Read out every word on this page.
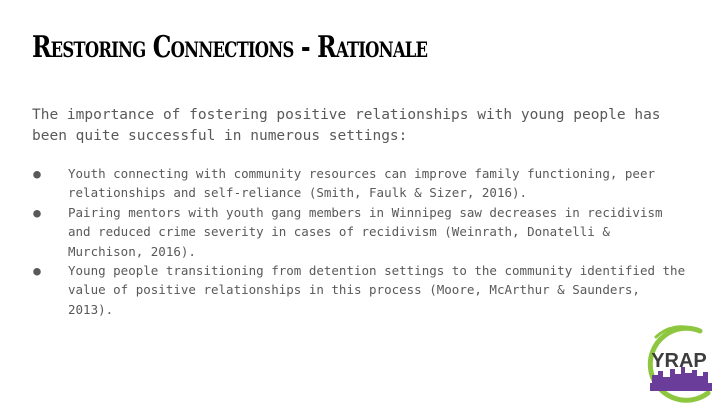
Restoring Connections - Rationale

The importance of fostering positive relationships with young people has been quite successful in numerous settings:

● Youth connecting with community resources can improve family functioning, peer relationships and self-reliance (Smith, Faulk & Sizer, 2016).
● Pairing mentors with youth gang members in Winnipeg saw decreases in recidivism and reduced crime severity in cases of recidivism (Weinrath, Donatelli & Murchison, 2016).
● Young people transitioning from detention settings to the community identified the value of positive relationships in this process (Moore, McArthur & Saunders, 2013).
YRAP
